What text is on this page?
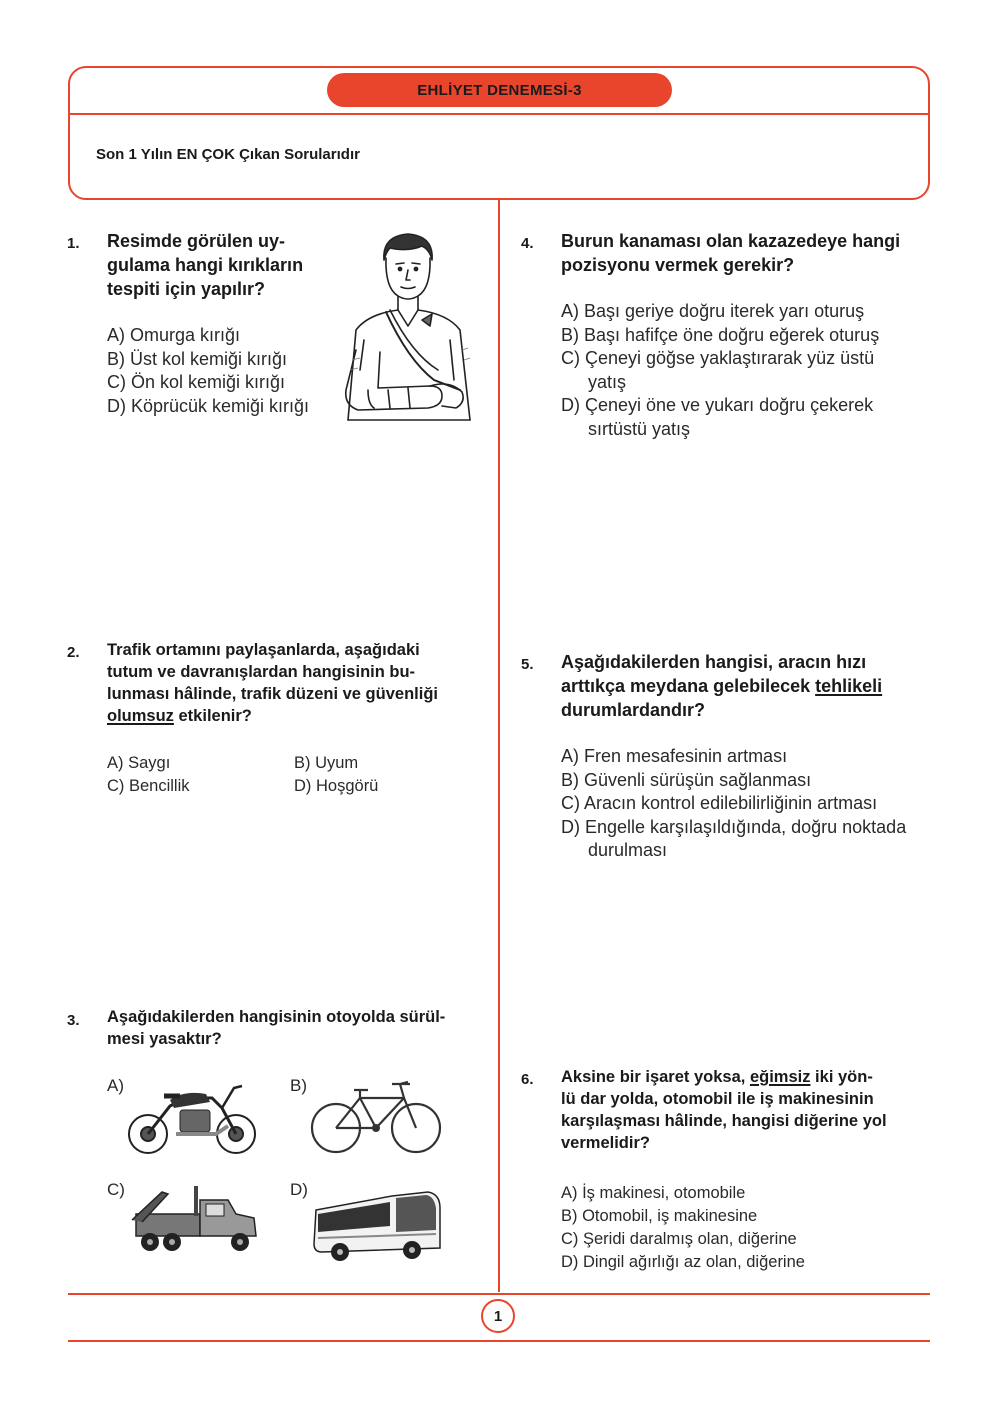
EHLİYET DENEMESİ-3
Son 1 Yılın EN ÇOK Çıkan Sorularıdır
1. Resimde görülen uy-
gulama hangi kırıkların
tespiti için yapılır?
A) Omurga kırığı
B) Üst kol kemiği kırığı
C) Ön kol kemiği kırığı
D) Köprücük kemiği kırığı
2. Trafik ortamını paylaşanlarda, aşağıdaki
tutum ve davranışlardan hangisinin bu-
lunması hâlinde, trafik düzeni ve güvenliği
olumsuz etkilenir?
A) Saygı	B) Uyum
C) Bencillik	D) Hoşgörü
3. Aşağıdakilerden hangisinin otoyolda sürül-
mesi yasaktır?
A)	B)
C)	D)
4. Burun kanaması olan kazazedeye hangi
pozisyonu vermek gerekir?
A) Başı geriye doğru iterek yarı oturuş
B) Başı hafifçe öne doğru eğerek oturuş
C) Çeneyi göğse yaklaştırarak yüz üstü
yatış
D) Çeneyi öne ve yukarı doğru çekerek
sırtüstü yatış
5. Aşağıdakilerden hangisi, aracın hızı
arttıkça meydana gelebilecek tehlikeli
durumlardandır?
A) Fren mesafesinin artması
B) Güvenli sürüşün sağlanması
C) Aracın kontrol edilebilirliğinin artması
D) Engelle karşılaşıldığında, doğru noktada
durulması
6. Aksine bir işaret yoksa, eğimsiz iki yön-
lü dar yolda, otomobil ile iş makinesinin
karşılaşması hâlinde, hangisi diğerine yol
vermelidir?
A) İş makinesi, otomobile
B) Otomobil, iş makinesine
C) Şeridi daralmış olan, diğerine
D) Dingil ağırlığı az olan, diğerine
1
